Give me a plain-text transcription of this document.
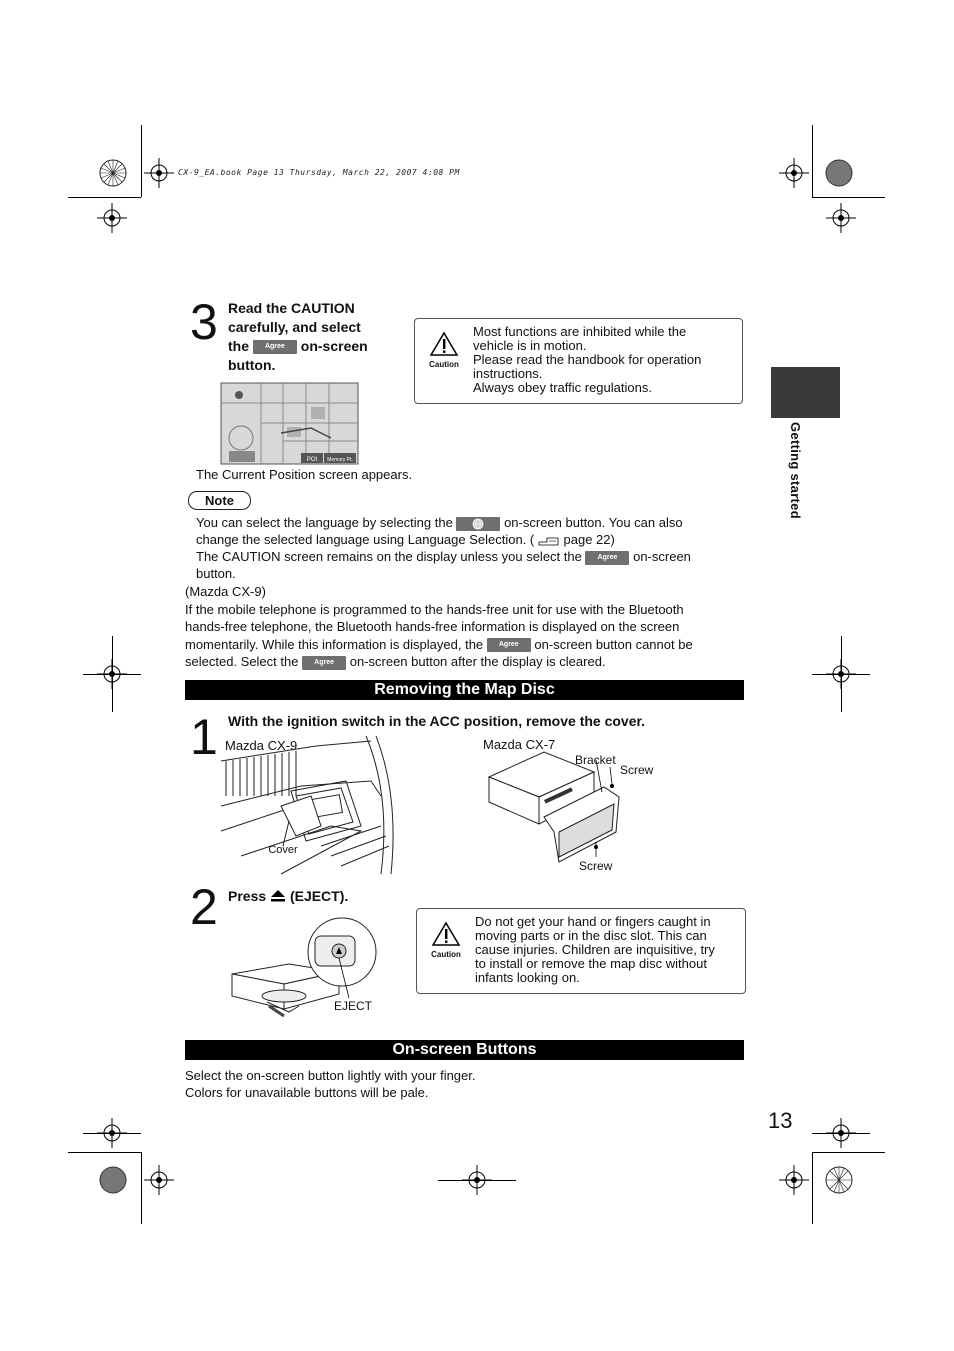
CX-9_EA.book Page 13 Thursday, March 22, 2007 4:08 PM
Getting started
3 Read the CAUTION
carefully, and select
the Agree on-screen
button.
POI Memory Pt.
The Current Position screen appears.
Caution
Most functions are inhibited while the
vehicle is in motion.
Please read the handbook for operation
instructions.
Always obey traffic regulations.
Note
You can select the language by selecting the	on-screen button. You can also
change the selected language using Language Selection. ( page 22)
The CAUTION screen remains on the display unless you select the Agree on-screen
button.
(Mazda CX-9)
If the mobile telephone is programmed to the hands-free unit for use with the Bluetooth
hands-free telephone, the Bluetooth hands-free information is displayed on the screen
momentarily. While this information is displayed, the Agree on-screen button cannot be
selected. Select the Agree on-screen button after the display is cleared.
Removing the Map Disc
1 With the ignition switch in the ACC position, remove the cover.
Mazda CX-9	Mazda CX-7
Cover
Bracket
Screw
Screw
2 Press (EJECT).
EJECT
Caution
Do not get your hand or fingers caught in
moving parts or in the disc slot. This can
cause injuries. Children are inquisitive, try
to install or remove the map disc without
infants looking on.
On-screen Buttons
Select the on-screen button lightly with your finger.
Colors for unavailable buttons will be pale.
13
